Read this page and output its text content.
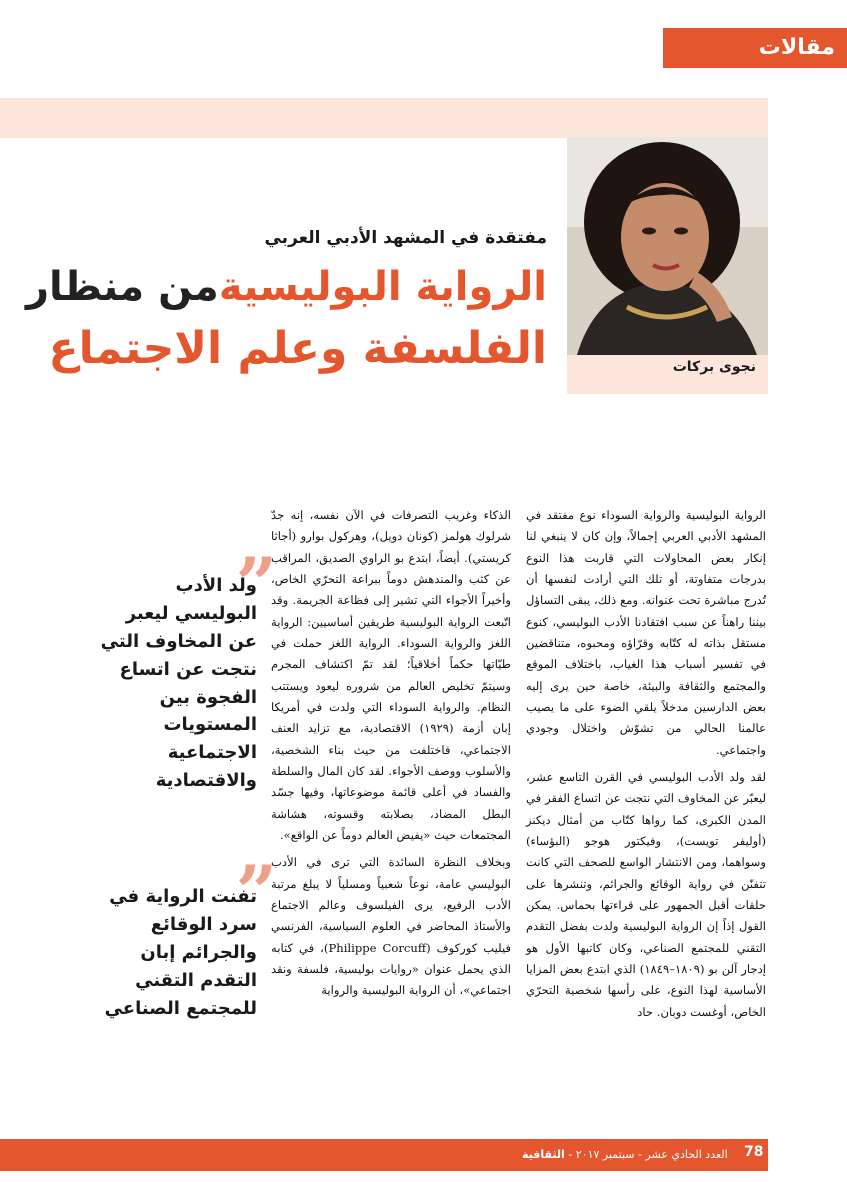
مقالات
نجوى بركات
مفتقدة في المشهد الأدبي العربي
الرواية البوليسيةمن منظار
الفلسفة وعلم الاجتماع

الرواية البوليسية والرواية السوداء نوع مفتقد في المشهد الأدبي العربي إجمالاً، وإن كان لا ينبغي لنا إنكار بعض المحاولات التي قاربت هذا النوع بدرجات متفاوتة، أو تلك التي أرادت لنفسها أن تُدرج مباشرة تحت عنوانه. ومع ذلك، يبقى التساؤل بيننا راهناً عن سبب افتقادنا الأدب البوليسي، كنوع مستقل بذاته له كتّابه وقرّاؤه ومحبوه، متناقضين في تفسير أسباب هذا الغياب، باختلاف الموقع والمجتمع والثقافة والبيئة، خاصة حين يرى إليه بعض الدارسين مدخلاً يلقي الضوء على ما يصيب عالمنا الحالي من تشوّش واختلال وجودي واجتماعي.

لقد ولد الأدب البوليسي في القرن التاسع عشر، ليعبّر عن المخاوف التي نتجت عن اتساع الفقر في المدن الكبرى، كما رواها كتّاب من أمثال ديكنز (أوليفر تويست)، وفيكتور هوجو (البؤساء) وسواهما، ومن الانتشار الواسع للصحف التي كانت تتفنّن في رواية الوقائع والجرائم، وتنشرها على حلقات أقبل الجمهور على قراءتها بحماس. يمكن القول إذاً إن الرواية البوليسية ولدت بفضل التقدم التقني للمجتمع الصناعي، وكان كاتبها الأول هو إدجار آلن بو (١٨٠٩–١٨٤٩) الذي ابتدع بعض المزايا الأساسية لهذا النوع، على رأسها شخصية التحرّي الخاص، أوغست دوبان. حاد

الذكاء وغريب التصرفات في الآن نفسه، إنه جدّ شرلوك هولمز (كونان دويل)، وهركول بوارو (أجاثا كريستي). أيضاً، ابتدع بو الراوي الصديق، المراقب عن كثب والمندهش دوماً ببراعة التحرّي الخاص، وأخيراً الأجواء التي تشير إلى فظاعة الجريمة. وقد اتّبعت الرواية البوليسية طريقين أساسيين: الرواية اللغز والرواية السوداء. الرواية اللغز حملت في طيّاتها حكماً أخلاقياً؛ لقد تمّ اكتشاف المجرم وسيتمّ تخليص العالم من شروره ليعود ويستتب النظام. والرواية السوداء التي ولدت في أمريكا إبان أزمة (١٩٢٩) الاقتصادية، مع تزايد العنف الاجتماعي، فاختلفت من حيث بناء الشخصية، والأسلوب ووصف الأجواء. لقد كان المال والسلطة والفساد في أعلى قائمة موضوعاتها، وفيها جسّد البطل المضاد، بصلابته وقسوته، هشاشة المجتمعات حيث «يفيض العالم دوماً عن الواقع».

وبخلاف النظرة السائدة التي ترى في الأدب البوليسي عامة، نوعاً شعبياً ومسلياً لا يبلغ مرتبة الأدب الرفيع، يرى الفيلسوف وعالم الاجتماع والأستاذ المحاضر في العلوم السياسية، الفرنسي فيليب كوركوف (Philippe Corcuff)، في كتابه الذي يحمل عنوان «روايات بوليسية، فلسفة ونقد اجتماعي»، أن الرواية البوليسية والرواية

”
ولد الأدب البوليسي ليعبر عن المخاوف التي نتجت عن اتساع الفجوة بين المستويات الاجتماعية والاقتصادية
”
تفنت الرواية في سرد الوقائع والجرائم إبان التقدم التقني للمجتمع الصناعي
78
العدد الحادي عشر - سبتمبر ٢٠١٧ - الثقافية
